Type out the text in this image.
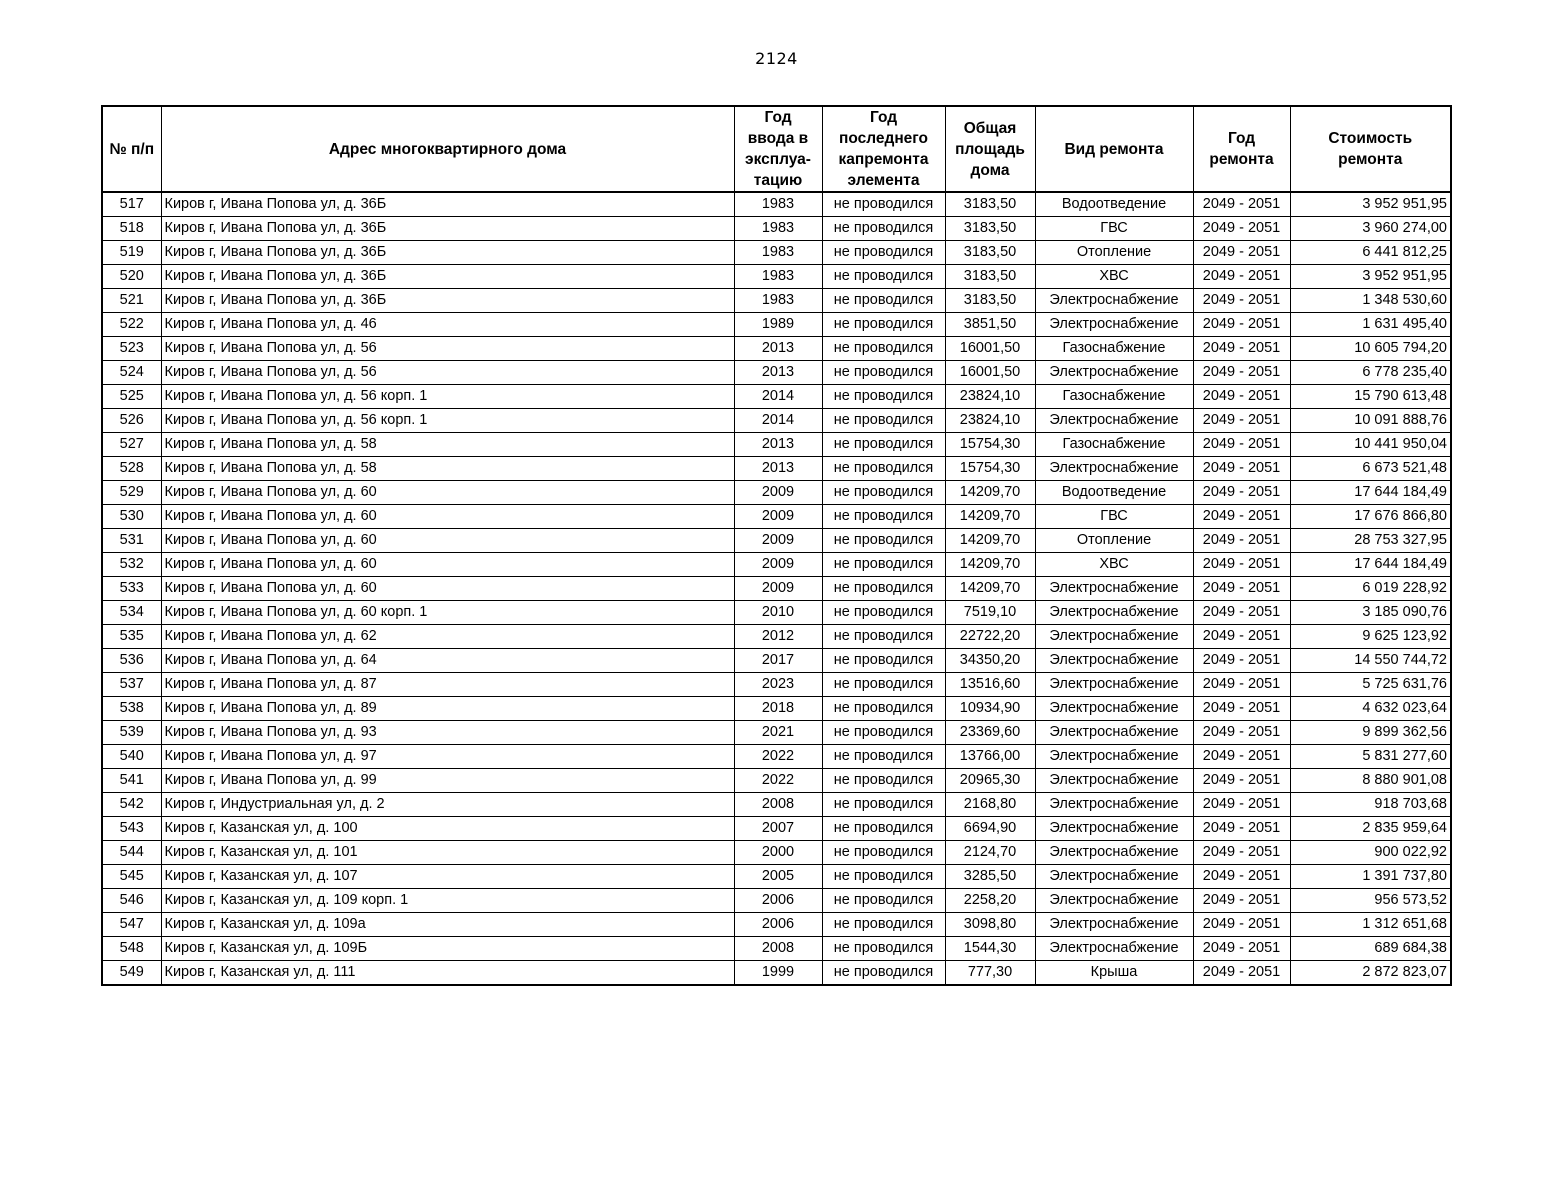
2124
№ п/п	Адрес многоквартирного дома	Год
ввода в
эксплуа-
тацию	Год
последнего
капремонта
элемента	Общая
площадь
дома	Вид ремонта	Год
ремонта	Стоимость
ремонта
517	Киров г, Ивана Попова ул, д. 36Б	1983	не проводился	3183,50	Водоотведение	2049 - 2051	3 952 951,95
518	Киров г, Ивана Попова ул, д. 36Б	1983	не проводился	3183,50	ГВС	2049 - 2051	3 960 274,00
519	Киров г, Ивана Попова ул, д. 36Б	1983	не проводился	3183,50	Отопление	2049 - 2051	6 441 812,25
520	Киров г, Ивана Попова ул, д. 36Б	1983	не проводился	3183,50	ХВС	2049 - 2051	3 952 951,95
521	Киров г, Ивана Попова ул, д. 36Б	1983	не проводился	3183,50	Электроснабжение	2049 - 2051	1 348 530,60
522	Киров г, Ивана Попова ул, д. 46	1989	не проводился	3851,50	Электроснабжение	2049 - 2051	1 631 495,40
523	Киров г, Ивана Попова ул, д. 56	2013	не проводился	16001,50	Газоснабжение	2049 - 2051	10 605 794,20
524	Киров г, Ивана Попова ул, д. 56	2013	не проводился	16001,50	Электроснабжение	2049 - 2051	6 778 235,40
525	Киров г, Ивана Попова ул, д. 56 корп. 1	2014	не проводился	23824,10	Газоснабжение	2049 - 2051	15 790 613,48
526	Киров г, Ивана Попова ул, д. 56 корп. 1	2014	не проводился	23824,10	Электроснабжение	2049 - 2051	10 091 888,76
527	Киров г, Ивана Попова ул, д. 58	2013	не проводился	15754,30	Газоснабжение	2049 - 2051	10 441 950,04
528	Киров г, Ивана Попова ул, д. 58	2013	не проводился	15754,30	Электроснабжение	2049 - 2051	6 673 521,48
529	Киров г, Ивана Попова ул, д. 60	2009	не проводился	14209,70	Водоотведение	2049 - 2051	17 644 184,49
530	Киров г, Ивана Попова ул, д. 60	2009	не проводился	14209,70	ГВС	2049 - 2051	17 676 866,80
531	Киров г, Ивана Попова ул, д. 60	2009	не проводился	14209,70	Отопление	2049 - 2051	28 753 327,95
532	Киров г, Ивана Попова ул, д. 60	2009	не проводился	14209,70	ХВС	2049 - 2051	17 644 184,49
533	Киров г, Ивана Попова ул, д. 60	2009	не проводился	14209,70	Электроснабжение	2049 - 2051	6 019 228,92
534	Киров г, Ивана Попова ул, д. 60 корп. 1	2010	не проводился	7519,10	Электроснабжение	2049 - 2051	3 185 090,76
535	Киров г, Ивана Попова ул, д. 62	2012	не проводился	22722,20	Электроснабжение	2049 - 2051	9 625 123,92
536	Киров г, Ивана Попова ул, д. 64	2017	не проводился	34350,20	Электроснабжение	2049 - 2051	14 550 744,72
537	Киров г, Ивана Попова ул, д. 87	2023	не проводился	13516,60	Электроснабжение	2049 - 2051	5 725 631,76
538	Киров г, Ивана Попова ул, д. 89	2018	не проводился	10934,90	Электроснабжение	2049 - 2051	4 632 023,64
539	Киров г, Ивана Попова ул, д. 93	2021	не проводился	23369,60	Электроснабжение	2049 - 2051	9 899 362,56
540	Киров г, Ивана Попова ул, д. 97	2022	не проводился	13766,00	Электроснабжение	2049 - 2051	5 831 277,60
541	Киров г, Ивана Попова ул, д. 99	2022	не проводился	20965,30	Электроснабжение	2049 - 2051	8 880 901,08
542	Киров г, Индустриальная ул, д. 2	2008	не проводился	2168,80	Электроснабжение	2049 - 2051	918 703,68
543	Киров г, Казанская ул, д. 100	2007	не проводился	6694,90	Электроснабжение	2049 - 2051	2 835 959,64
544	Киров г, Казанская ул, д. 101	2000	не проводился	2124,70	Электроснабжение	2049 - 2051	900 022,92
545	Киров г, Казанская ул, д. 107	2005	не проводился	3285,50	Электроснабжение	2049 - 2051	1 391 737,80
546	Киров г, Казанская ул, д. 109 корп. 1	2006	не проводился	2258,20	Электроснабжение	2049 - 2051	956 573,52
547	Киров г, Казанская ул, д. 109а	2006	не проводился	3098,80	Электроснабжение	2049 - 2051	1 312 651,68
548	Киров г, Казанская ул, д. 109Б	2008	не проводился	1544,30	Электроснабжение	2049 - 2051	689 684,38
549	Киров г, Казанская ул, д. 111	1999	не проводился	777,30	Крыша	2049 - 2051	2 872 823,07
